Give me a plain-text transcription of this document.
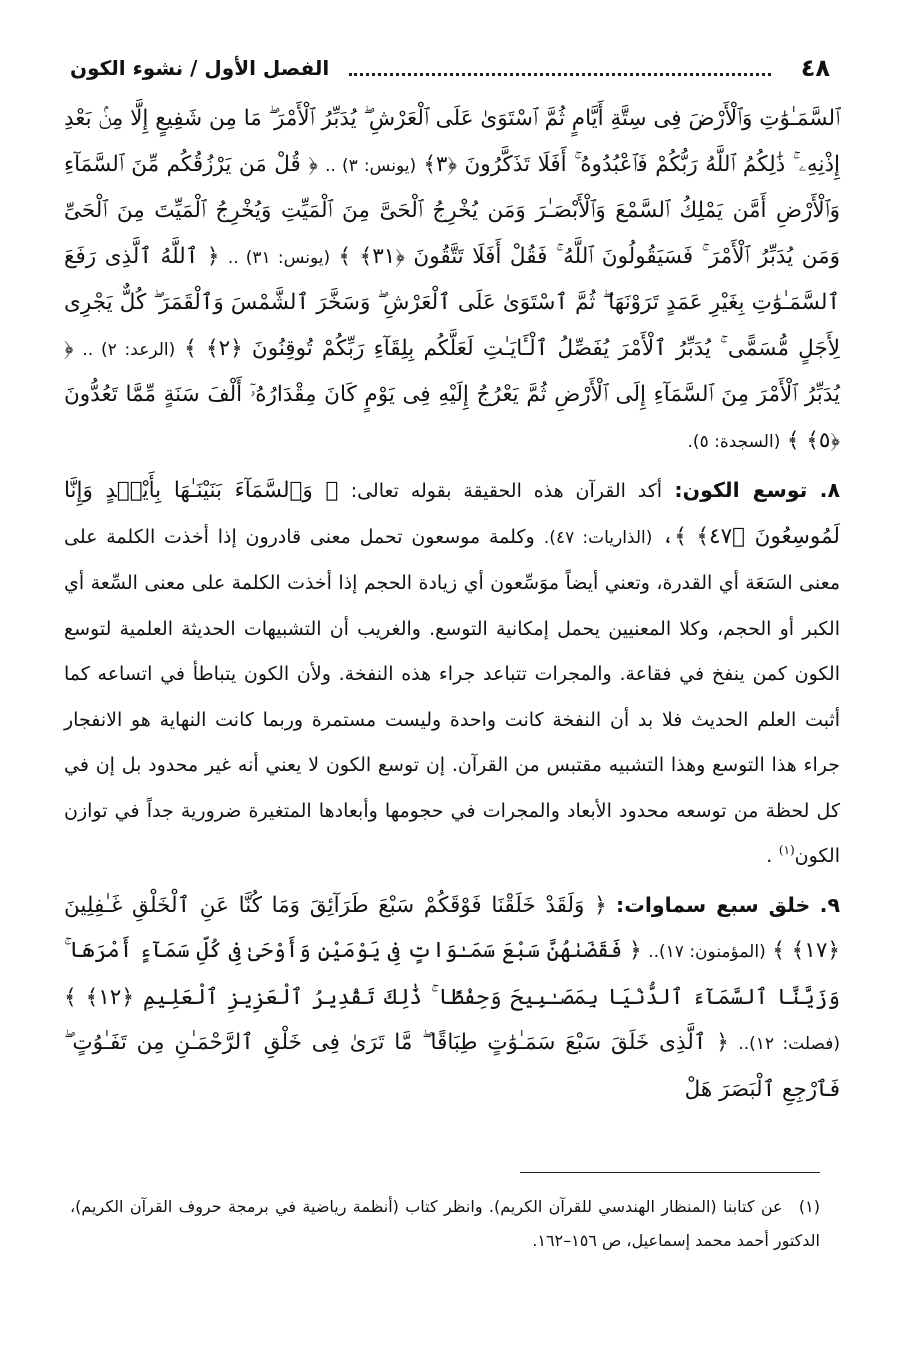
٤٨
الفصل الأول / نشوء الكون

ٱلسَّمَـٰوَٰتِ وَٱلْأَرْضَ فِى سِتَّةِ أَيَّامٍ ثُمَّ ٱسْتَوَىٰ عَلَى ٱلْعَرْشِ ۖ يُدَبِّرُ ٱلْأَمْرَ ۖ مَا مِن شَفِيعٍ إِلَّا مِنۢ بَعْدِ إِذْنِهِۦ ۚ ذَٰلِكُمُ ٱللَّهُ رَبُّكُمْ فَٱعْبُدُوهُ ۚ أَفَلَا تَذَكَّرُونَ ﴿٣﴾ (يونس: ٣) .. ﴿ قُلْ مَن يَرْزُقُكُم مِّنَ ٱلسَّمَآءِ وَٱلْأَرْضِ أَمَّن يَمْلِكُ ٱلسَّمْعَ وَٱلْأَبْصَـٰرَ وَمَن يُخْرِجُ ٱلْحَىَّ مِنَ ٱلْمَيِّتِ وَيُخْرِجُ ٱلْمَيِّتَ مِنَ ٱلْحَىِّ وَمَن يُدَبِّرُ ٱلْأَمْرَ ۚ فَسَيَقُولُونَ ٱللَّهُ ۚ فَقُلْ أَفَلَا تَتَّقُونَ ﴿٣١﴾ ﴾ (يونس: ٣١) .. ﴿ ٱللَّهُ ٱلَّذِى رَفَعَ ٱلسَّمَـٰوَٰتِ بِغَيْرِ عَمَدٍ تَرَوْنَهَا ۖ ثُمَّ ٱسْتَوَىٰ عَلَى ٱلْعَرْشِ ۖ وَسَخَّرَ ٱلشَّمْسَ وَٱلْقَمَرَ ۖ كُلٌّ يَجْرِى لِأَجَلٍ مُّسَمًّى ۚ يُدَبِّرُ ٱلْأَمْرَ يُفَصِّلُ ٱلْـَٔايَـٰتِ لَعَلَّكُم بِلِقَآءِ رَبِّكُمْ تُوقِنُونَ ﴿٢﴾ ﴾ (الرعد: ٢) .. ﴿ يُدَبِّرُ ٱلْأَمْرَ مِنَ ٱلسَّمَآءِ إِلَى ٱلْأَرْضِ ثُمَّ يَعْرُجُ إِلَيْهِ فِى يَوْمٍ كَانَ مِقْدَارُهُۥٓ أَلْفَ سَنَةٍ مِّمَّا تَعُدُّونَ ﴿٥﴾ ﴾ (السجدة: ٥).

٨. توسع الكون: أكد القرآن هذه الحقيقة بقوله تعالى: ﴿ وَٱلسَّمَآءَ بَنَيْنَـٰهَا بِأَيْي۟دٍ وَإِنَّا لَمُوسِعُونَ ﴿٤٧﴾ ﴾، (الذاريات: ٤٧). وكلمة موسعون تحمل معنى قادرون إذا أخذت الكلمة على معنى السَعَة أي القدرة، وتعني أيضاً موَسِّعون أي زيادة الحجم إذا أخذت الكلمة على معنى السِّعة أي الكبر أو الحجم، وكلا المعنيين يحمل إمكانية التوسع. والغريب أن التشبيهات الحديثة العلمية لتوسع الكون كمن ينفخ في فقاعة. والمجرات تتباعد جراء هذه النفخة. ولأن الكون يتباطأ في اتساعه كما أثبت العلم الحديث فلا بد أن النفخة كانت واحدة وليست مستمرة وربما كانت النهاية هو الانفجار جراء هذا التوسع وهذا التشبيه مقتبس من القرآن. إن توسع الكون لا يعني أنه غير محدود بل إن في كل لحظة من توسعه محدود الأبعاد والمجرات في حجومها وأبعادها المتغيرة ضرورية جداً في توازن الكون$^{(١)}$ .

٩. خلق سبع سماوات: ﴿ وَلَقَدْ خَلَقْنَا فَوْقَكُمْ سَبْعَ طَرَآئِقَ وَمَا كُنَّا عَنِ ٱلْخَلْقِ غَـٰفِلِينَ ﴿١٧﴾ ﴾ (المؤمنون: ١٧).. ﴿ فَقَضَىٰهُنَّ سَبْعَ سَمَـٰوَاتٍ فِى يَوْمَيْنِ وَأَوْحَىٰ فِى كُلِّ سَمَآءٍ أَمْرَهَا ۚ وَزَيَّنَّا ٱلسَّمَآءَ ٱلدُّنْيَا بِمَصَـٰبِيحَ وَحِفْظًا ۚ ذَٰلِكَ تَقْدِيرُ ٱلْعَزِيزِ ٱلْعَلِيمِ ﴿١٢﴾ ﴾ (فصلت: ١٢).. ﴿ ٱلَّذِى خَلَقَ سَبْعَ سَمَـٰوَٰتٍ طِبَاقًا ۖ مَّا تَرَىٰ فِى خَلْقِ ٱلرَّحْمَـٰنِ مِن تَفَـٰوُتٍ ۖ فَٱرْجِعِ ٱلْبَصَرَ هَلْ

(١) عن كتابنا (المنظار الهندسي للقرآن الكريم). وانظر كتاب (أنظمة رياضية في برمجة حروف القرآن الكريم)، الدكتور أحمد محمد إسماعيل، ص ١٥٦–١٦٢.
